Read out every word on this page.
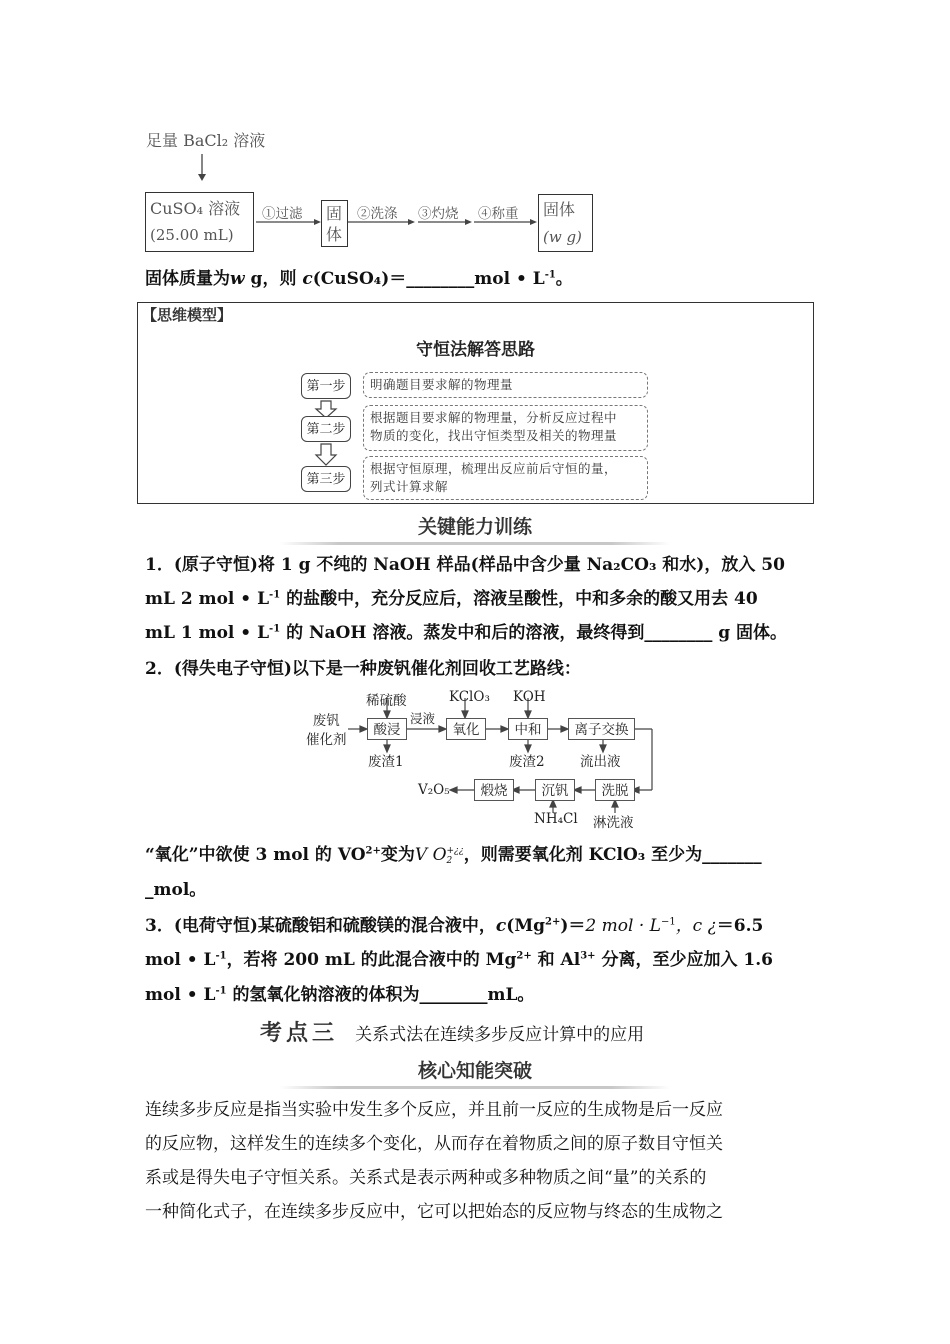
足量 BaCl₂ 溶液
CuSO₄ 溶液
(25.00 mL)
①过滤 固体
②洗涤 ③灼烧 ④称重 固体
(w g)
固体质量为w g，则 c(CuSO₄)＝________mol • $L^{-1}$。
【思维模型】
守恒法解答思路
第一步	明确题目要求解的物理量
第二步
根据题目要求解的物理量，分析反应过程中
物质的变化，找出守恒类型及相关的物理量
第三步
根据守恒原理，梳理出反应前后守恒的量，
列式计算求解
关键能力训练
1．(原子守恒)将 1 g 不纯的 NaOH 样品(样品中含少量 Na₂CO₃ 和水)，放入 50
mL 2 mol • $L^{-1}$ 的盐酸中，充分反应后，溶液呈酸性，中和多余的酸又用去 40
mL 1 mol • $L^{-1}$ 的 NaOH 溶液。蒸发中和后的溶液，最终得到________ g 固体。
2．(得失电子守恒)以下是一种废钒催化剂回收工艺路线：
废钒
催化剂
稀硫酸
酸浸
浸液
废渣1
KClO₃
氧化
KOH
中和
废渣2
离子交换
流出液
洗脱
淋洗液
沉钒
NH₄Cl
煅烧
V₂O₅
“氧化”中欲使 3 mol 的 $VO^{2+}$变为V O+¿¿
2 ，则需要氧化剂 KClO₃ 至少为_______
_mol。
3．(电荷守恒)某硫酸铝和硫酸镁的混合液中，$c(Mg^{2+})=2$ mol · $L^{-1}$，c ¿＝6.5
mol • $L^{-1}$，若将 200 mL 的此混合液中的 $Mg^{2+}$ 和 $Al^{3+}$ 分离，至少应加入 1.6
mol • $L^{-1}$ 的氢氧化钠溶液的体积为________mL。
考点三 关系式法在连续多步反应计算中的应用
核心知能突破
连续多步反应是指当实验中发生多个反应，并且前一反应的生成物是后一反应
的反应物，这样发生的连续多个变化，从而存在着物质之间的原子数目守恒关
系或是得失电子守恒关系。关系式是表示两种或多种物质之间“量”的关系的
一种简化式子，在连续多步反应中，它可以把始态的反应物与终态的生成物之
